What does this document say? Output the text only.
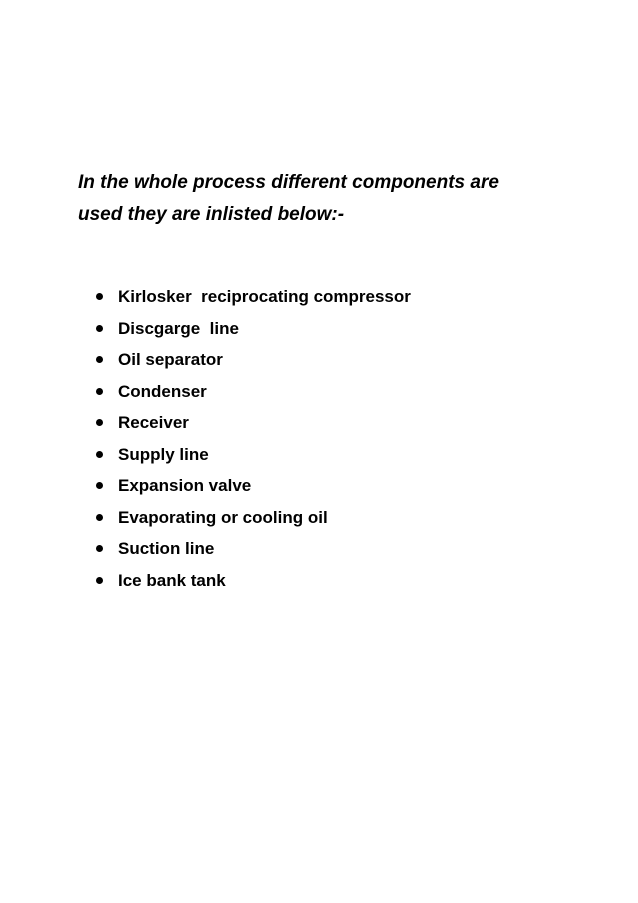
In the whole process different components are
used they are inlisted below:-

Kirlosker  reciprocating compressor

Discgarge  line

Oil separator

Condenser

Receiver

Supply line

Expansion valve

Evaporating or cooling oil

Suction line

Ice bank tank
